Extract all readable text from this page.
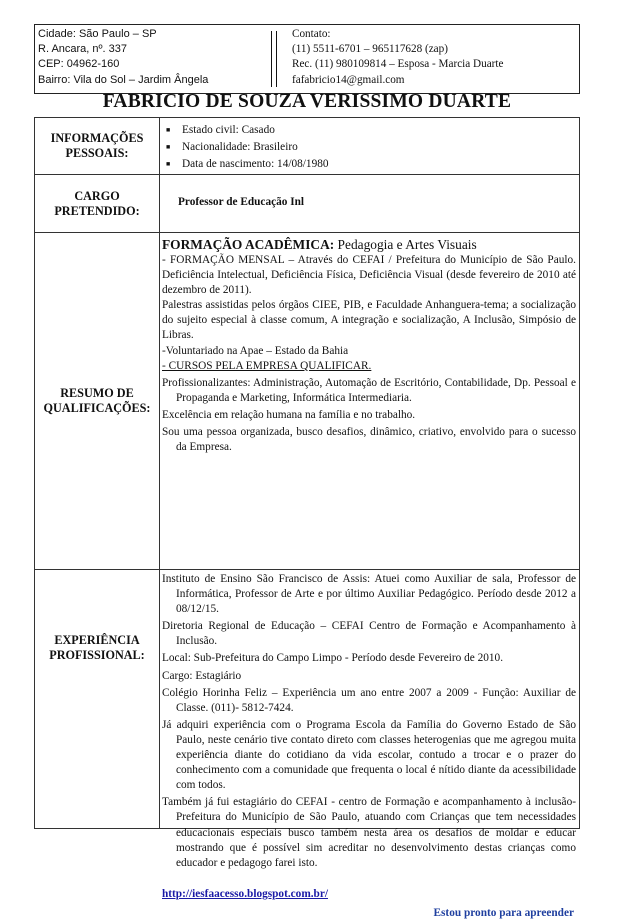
Cidade: São Paulo – SP
R. Ancara, nº. 337
CEP: 04962-160
Bairro: Vila do Sol – Jardim Ângela
Contato:
(11) 5511-6701 – 965117628 (zap)
Rec. (11) 980109814 – Esposa - Marcia Duarte
fafabricio14@gmail.com
FABRICIO DE SOUZA VERISSIMO DUARTE
INFORMAÇÕES PESSOAIS:
■ Estado civil: Casado
■ Nacionalidade: Brasileiro
■ Data de nascimento: 14/08/1980
CARGO PRETENDIDO:
Professor de Educação Inl
RESUMO DE QUALIFICAÇÕES:

FORMAÇÃO ACADÊMICA: Pedagogia e Artes Visuais

- FORMAÇÃO MENSAL – Através do CEFAI / Prefeitura do Município de São Paulo. Deficiência Intelectual, Deficiência Física, Deficiência Visual (desde fevereiro de 2010 até dezembro de 2011).

Palestras assistidas pelos órgãos CIEE, PIB, e Faculdade Anhanguera-tema; a socialização do sujeito especial à classe comum, A integração e socialização, A Inclusão, Simpósio de Libras.

-Voluntariado na Apae – Estado da Bahia

- CURSOS PELA EMPRESA QUALIFICAR.

Profissionalizantes: Administração, Automação de Escritório, Contabilidade, Dp. Pessoal e Propaganda e Marketing, Informática Intermediaria.

Excelência em relação humana na família e no trabalho.

Sou uma pessoa organizada, busco desafios, dinâmico, criativo, envolvido para o sucesso da Empresa.

EXPERIÊNCIA PROFISSIONAL:

Instituto de Ensino São Francisco de Assis: Atuei como Auxiliar de sala, Professor de Informática, Professor de Arte e por último Auxiliar Pedagógico. Período desde 2012 a 08/12/15.

Diretoria Regional de Educação – CEFAI Centro de Formação e Acompanhamento à Inclusão.

Local: Sub-Prefeitura do Campo Limpo - Período desde Fevereiro de 2010.

Cargo: Estagiário

Colégio Horinha Feliz – Experiência um ano entre 2007 a 2009 - Função: Auxiliar de Classe. (011)- 5812-7424.

Já adquiri experiência com o Programa Escola da Família do Governo Estado de São Paulo, neste cenário tive contato direto com classes heterogenias que me agregou muita experiência diante do cotidiano da vida escolar, contudo a trocar e o prazer do conhecimento com a comunidade que frequenta o local é nítido diante da acessibilidade com todos.

Também já fui estagiário do CEFAI - centro de Formação e acompanhamento à inclusão-Prefeitura do Município de São Paulo, atuando com Crianças que tem necessidades educacionais especiais busco também nesta área os desafios de moldar e educar mostrando que é possível sim acreditar no desenvolvimento destas crianças como educador e pedagogo farei isto.

http://iesfaacesso.blogspot.com.br/

Estou pronto para apreender
